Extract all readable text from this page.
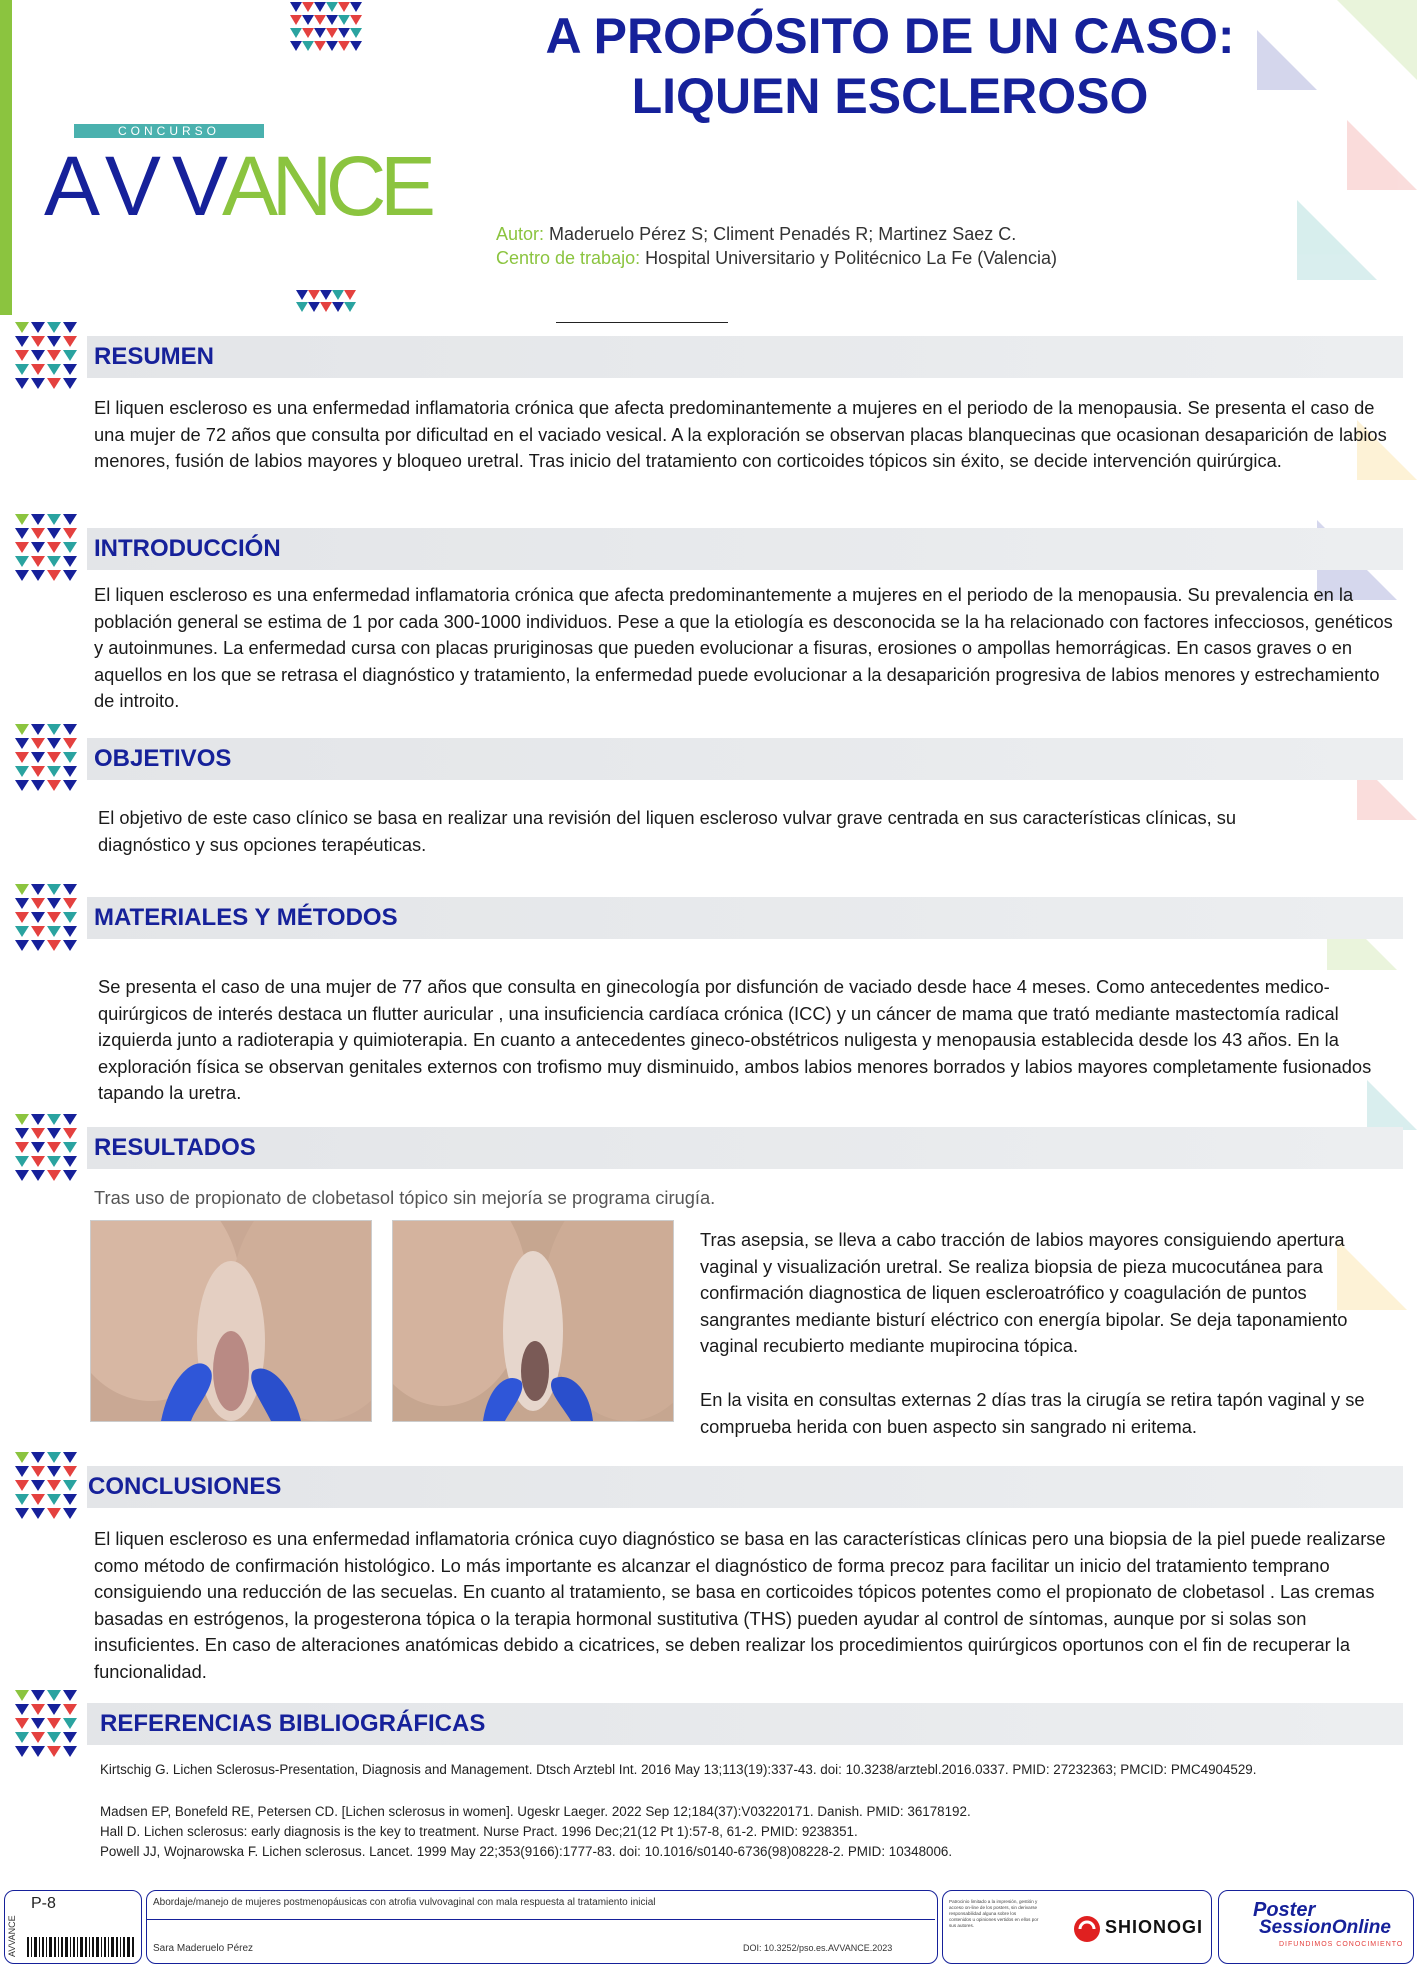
A PROPÓSITO DE UN CASO:
LIQUEN ESCLEROSO
CONCURSO
AVV
ANCE
Autor: Maderuelo Pérez S; Climent Penadés R; Martinez Saez C.
Centro de trabajo: Hospital Universitario y Politécnico La Fe (Valencia)
RESUMEN
El liquen escleroso es una enfermedad inflamatoria crónica que afecta predominantemente a mujeres en el periodo de la menopausia. Se presenta el caso de una mujer de 72 años que consulta por dificultad en el vaciado vesical. A la exploración se observan placas blanquecinas que ocasionan desaparición de labios menores, fusión de labios mayores y bloqueo uretral. Tras inicio del tratamiento con corticoides tópicos sin éxito, se decide intervención quirúrgica.
INTRODUCCIÓN
El liquen escleroso es una enfermedad inflamatoria crónica que afecta predominantemente a mujeres en el periodo de la menopausia. Su prevalencia en la población general se estima de 1 por cada 300-1000 individuos. Pese a que la etiología es desconocida se la ha relacionado con factores infecciosos, genéticos y autoinmunes. La enfermedad cursa con placas pruriginosas que pueden evolucionar a fisuras, erosiones o ampollas hemorrágicas. En casos graves o en aquellos en los que se retrasa el diagnóstico y tratamiento, la enfermedad puede evolucionar a la desaparición progresiva de labios menores y estrechamiento de introito.
OBJETIVOS
El objetivo de este caso clínico se basa en realizar una revisión del liquen escleroso vulvar grave centrada en sus características clínicas, su diagnóstico y sus opciones terapéuticas.
MATERIALES Y MÉTODOS
Se presenta el caso de una mujer de 77 años que consulta en ginecología por disfunción de vaciado desde hace 4 meses. Como antecedentes medico- quirúrgicos de interés destaca un flutter auricular , una insuficiencia cardíaca crónica (ICC) y un cáncer de mama que trató mediante mastectomía radical izquierda junto a radioterapia y quimioterapia. En cuanto a antecedentes gineco-obstétricos nuligesta y menopausia establecida desde los 43 años. En la exploración física se observan genitales externos con trofismo muy disminuido, ambos labios menores borrados y labios mayores completamente fusionados tapando la uretra.
RESULTADOS
Tras uso de propionato de clobetasol tópico sin mejoría se programa cirugía.
Tras asepsia, se lleva a cabo tracción de labios mayores consiguiendo apertura vaginal y visualización uretral. Se realiza biopsia de pieza mucocutánea para confirmación diagnostica de liquen escleroatrófico y coagulación de puntos sangrantes mediante bisturí eléctrico con energía bipolar. Se deja taponamiento vaginal recubierto mediante mupirocina tópica.
En la visita en consultas externas 2 días tras la cirugía se retira tapón vaginal y se comprueba herida con buen aspecto sin sangrado ni eritema.
CONCLUSIONES
El liquen escleroso es una enfermedad inflamatoria crónica cuyo diagnóstico se basa en las características clínicas pero una biopsia de la piel puede realizarse como método de confirmación histológico. Lo más importante es alcanzar el diagnóstico de forma precoz para facilitar un inicio del tratamiento temprano consiguiendo una reducción de las secuelas. En cuanto al tratamiento, se basa en corticoides tópicos potentes como el propionato de clobetasol . Las cremas basadas en estrógenos, la progesterona tópica o la terapia hormonal sustitutiva (THS) pueden ayudar al control de síntomas, aunque por si solas son insuficientes. En caso de alteraciones anatómicas debido a cicatrices, se deben realizar los procedimientos quirúrgicos oportunos con el fin de recuperar la funcionalidad.
REFERENCIAS BIBLIOGRÁFICAS
Kirtschig G. Lichen Sclerosus-Presentation, Diagnosis and Management. Dtsch Arztebl Int. 2016 May 13;113(19):337-43. doi: 10.3238/arztebl.2016.0337. PMID: 27232363; PMCID: PMC4904529.
Madsen EP, Bonefeld RE, Petersen CD. [Lichen sclerosus in women]. Ugeskr Laeger. 2022 Sep 12;184(37):V03220171. Danish. PMID: 36178192.
Hall D. Lichen sclerosus: early diagnosis is the key to treatment. Nurse Pract. 1996 Dec;21(12 Pt 1):57-8, 61-2. PMID: 9238351.
Powell JJ, Wojnarowska F. Lichen sclerosus. Lancet. 1999 May 22;353(9166):1777-83. doi: 10.1016/s0140-6736(98)08228-2. PMID: 10348006.
AVVANCE
P-8	Abordaje/manejo de mujeres postmenopáusicas con atrofia vulvovaginal con mala respuesta al tratamiento inicial
Sara Maderuelo Pérez	DOI: 10.3252/pso.es.AVVANCE.2023
Patrocinio limitado a la impresión, gestión y acceso on-line de los posters, sin derivarse responsabilidad alguna sobre los contenidos u opiniones vertidos en ellos por sus autores.	SHIONOGI
Poster
SessionOnline
DIFUNDIMOS CONOCIMIENTO
